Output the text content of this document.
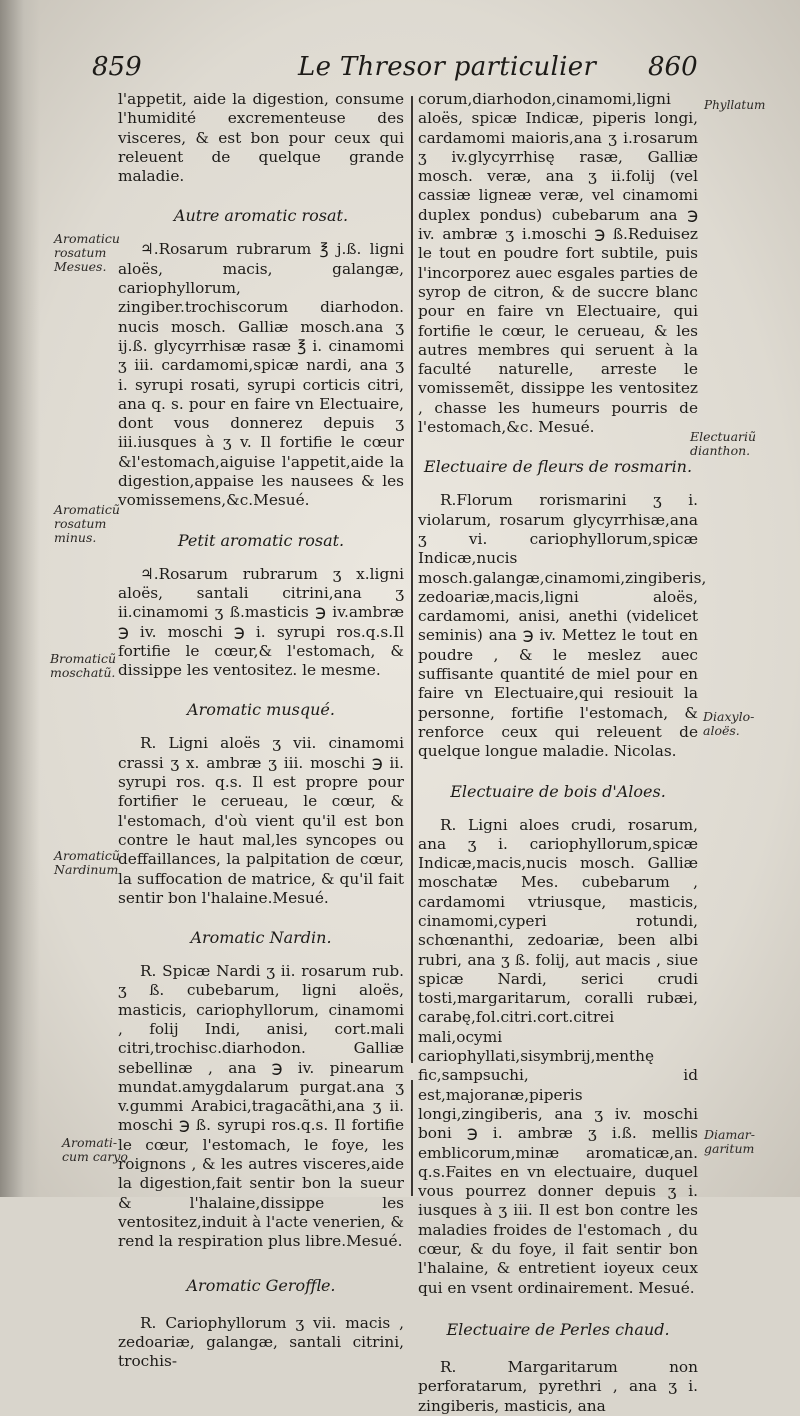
859	Le Thresor particulier 860
Phyllatum
Aromaticu
rosatum
Mesues.
Aromaticũ
rosatum
minus.
Bromaticũ
moschatũ.
Aromaticũ
Nardinum
Aromati-
cum caryo
Electuariũ
dianthon.
Diaxylo-
aloës.
Diamar-
garitum

l'appetit, aide la digestion, consume l'humidité excrementeuse des visceres, & est bon pour ceux qui releuent de quelque grande maladie.

Autre aromatic rosat.

♃.Rosarum rubrarum ℥ j.ß. ligni aloës, macis, galangæ, cariophyllorum, zingiber.trochiscorum diarhodon. nucis mosch. Galliæ mosch.ana ʒ ij.ß. glycyrrhisæ rasæ ℥ i. cinamomi ʒ iii. cardamomi,spicæ nardi, ana ʒ i. syrupi rosati, syrupi corticis citri, ana q. s. pour en faire vn Electuaire, dont vous donnerez depuis ʒ iii.iusques à ʒ v. Il fortifie le cœur &l'estomach,aiguise l'appetit,aide la digestion,appaise les nausees & les vomissemens,&c.Mesué.

Petit aromatic rosat.

♃.Rosarum rubrarum ʒ x.ligni aloës, santali citrini,ana ʒ ii.cinamomi ʒ ß.masticis ℈ iv.ambræ ℈ iv. moschi ℈ i. syrupi ros.q.s.Il fortifie le cœur,& l'estomach, & dissippe les ventositez. le mesme.

Aromatic musqué.

R. Ligni aloës ʒ vii. cinamomi crassi ʒ x. ambræ ʒ iii. moschi ℈ ii. syrupi ros. q.s. Il est propre pour fortifier le cerueau, le cœur, & l'estomach, d'où vient qu'il est bon contre le haut mal,les syncopes ou deffaillances, la palpitation de cœur, la suffocation de matrice, & qu'il fait sentir bon l'halaine.Mesué.

Aromatic Nardin.

R. Spicæ Nardi ʒ ii. rosarum rub. ʒ ß. cubebarum, ligni aloës, masticis, cariophyllorum, cinamomi , folij Indi, anisi, cort.mali citri,trochisc.diarhodon. Galliæ sebellinæ , ana ℈ iv. pinearum mundat.amygdalarum purgat.ana ʒ v.gummi Arabici,tragacãthi,ana ʒ ii. moschi ℈ ß. syrupi ros.q.s. Il fortifie le cœur, l'estomach, le foye, les roignons , & les autres visceres,aide la digestion,fait sentir bon la sueur & l'halaine,dissippe les ventositez,induit à l'acte venerien, & rend la respiration plus libre.Mesué.

Aromatic Geroffle.

R. Cariophyllorum ʒ vii. macis , zedoariæ, galangæ, santali citrini, trochis-

corum,diarhodon,cinamomi,ligni aloës, spicæ Indicæ, piperis longi, cardamomi maioris,ana ʒ i.rosarum ʒ iv.glycyrrhisę rasæ, Galliæ mosch. veræ, ana ʒ ii.folij (vel cassiæ ligneæ veræ, vel cinamomi duplex pondus) cubebarum ana ℈ iv. ambræ ʒ i.moschi ℈ ß.Reduisez le tout en poudre fort subtile, puis l'incorporez auec esgales parties de syrop de citron, & de succre blanc pour en faire vn Electuaire, qui fortifie le cœur, le cerueau, & les autres membres qui seruent à la faculté naturelle, arreste le vomissemẽt, dissippe les ventositez , chasse les humeurs pourris de l'estomach,&c. Mesué.

Electuaire de fleurs de rosmarin.

R.Florum rorismarini ʒ i. violarum, rosarum glycyrrhisæ,ana ʒ vi. cariophyllorum,spicæ Indicæ,nucis mosch.galangæ,cinamomi,zingiberis, zedoariæ,macis,ligni aloës, cardamomi, anisi, anethi (videlicet seminis) ana ℈ iv. Mettez le tout en poudre , & le meslez auec suffisante quantité de miel pour en faire vn Electuaire,qui resiouit la personne, fortifie l'estomach, & renforce ceux qui releuent de quelque longue maladie. Nicolas.

Electuaire de bois d'Aloes.

R. Ligni aloes crudi, rosarum, ana ʒ i. cariophyllorum,spicæ Indicæ,macis,nucis mosch. Galliæ moschatæ Mes. cubebarum , cardamomi vtriusque, masticis, cinamomi,cyperi rotundi, schœnanthi, zedoariæ, been albi rubri, ana ʒ ß. folij, aut macis , siue spicæ Nardi, serici crudi tosti,margaritarum, coralli rubæi, carabę,fol.citri.cort.citrei mali,ocymi cariophyllati,sisymbrij,menthę fic,sampsuchi, id est,majoranæ,piperis longi,zingiberis, ana ʒ iv. moschi boni ℈ i. ambræ ʒ i.ß. mellis emblicorum,minæ aromaticæ,an. q.s.Faites en vn electuaire, duquel vous pourrez donner depuis ʒ i. iusques à ʒ iii. Il est bon contre les maladies froides de l'estomach , du cœur, & du foye, il fait sentir bon l'halaine, & entretient ioyeux ceux qui en vsent ordinairement. Mesué.

Electuaire de Perles chaud.

R. Margaritarum non perforatarum, pyrethri , ana ʒ i. zingiberis, masticis, ana
